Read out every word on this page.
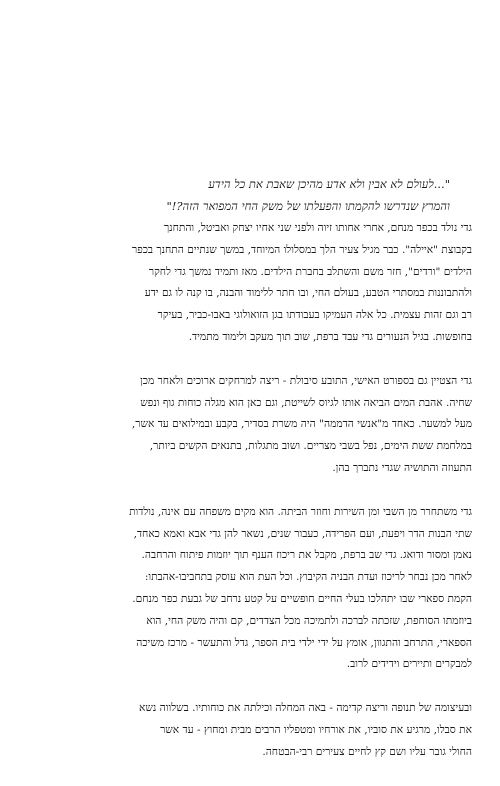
"...לעולם לא אבין ולא אדע מהיכן שאבת את כל הידע
והמרץ שנדרשו להקמתו והפעלתו של משק החי המפואר הזה?!"

גדי נולד בכפר מנחם, אחרי אחותו זיוה ולפני שני אחיו יצחק ואביטל, והתחנך
בקבוצת "איילה". כבר מגיל צעיר הלך במסלולו המיוחד, במשך שנתיים התחנך בכפר
הילדים "ורדים", חזר משם והשתלב בחברת הילדים. מאז ותמיד נמשך גדי לחקר
ולהתבוננות במסתרי הטבע, בעולם החי, ובו חתר ללימוד והבנה, בו קנה לו גם ידע
רב וגם זהות עצמית. כל אלה העמיקו בעבודתו בגן הזואולוגי באבו-כביר, בעיקר
בחופשות. בגיל הנעורים גדי עבד ברפת, שוב תוך מעקב ולימוד מתמיד.

גדי הצטיין גם בספורט האישי, התובע סיבולת - ריצה למרחקים ארוכים ולאחר מכן
שחיה. אהבת המים הביאה אותו לגיוס לשייטת, וגם כאן הוא מגלה כוחות גוף ונפש
מעל למשער. כאחד מ"אנשי הדממה" היה משרת בסדיר, בקבע ובמילואים עד אשר,
במלחמת ששת הימים, נפל בשבי מצריים. ושוב מתגלות, בתנאים הקשים ביותר,
התעוזה והתושיה שגדי נתברך בהן.

גדי משתחרר מן השבי ומן השירות וחוזר הביתה. הוא מקים משפחה עם אינה, נולדות
שתי הבנות הדר ויפעת, ועם הפרידה, כעבור שנים, נשאר להן גדי אבא ואמא כאחד,
נאמן ומסור ודואג. גדי שב ברפת, מקבל את ריכוז הענף תוך יוזמות פיתוח והרחבה.
לאחר מכן נבחר לריכוז ועדת הבניה הקיבוץ. וכל העת הוא עוסק בתחביבו-אהבתו:
הקמת ספארי שבו יתהלכו בעלי החיים חופשיים על קטע נרחב של גבעת כפר מנחם.
ביוזמתו הסוחפת, שזכתה לברכה ולתמיכה מכל הצדדים, קם והיה משק החי, הוא
הספארי, התרחב והתגוון, אומץ על ידי ילדי בית הספר, גדל והתעשר - מרכז משיכה
למבקרים ותיירים וידידים לרוב.

ובעיצומה של תנופה וריצה קדימה - באה המחלה וכילתה את כוחותיו. בשלווה נשא
את סבלו, מרגיע את סוביו, את אורחיו ומטפליו הרבים מבית ומחוץ - עד אשר
החולי גובר עליו ושם קץ לחיים צעירים רבי-הבטחה.
